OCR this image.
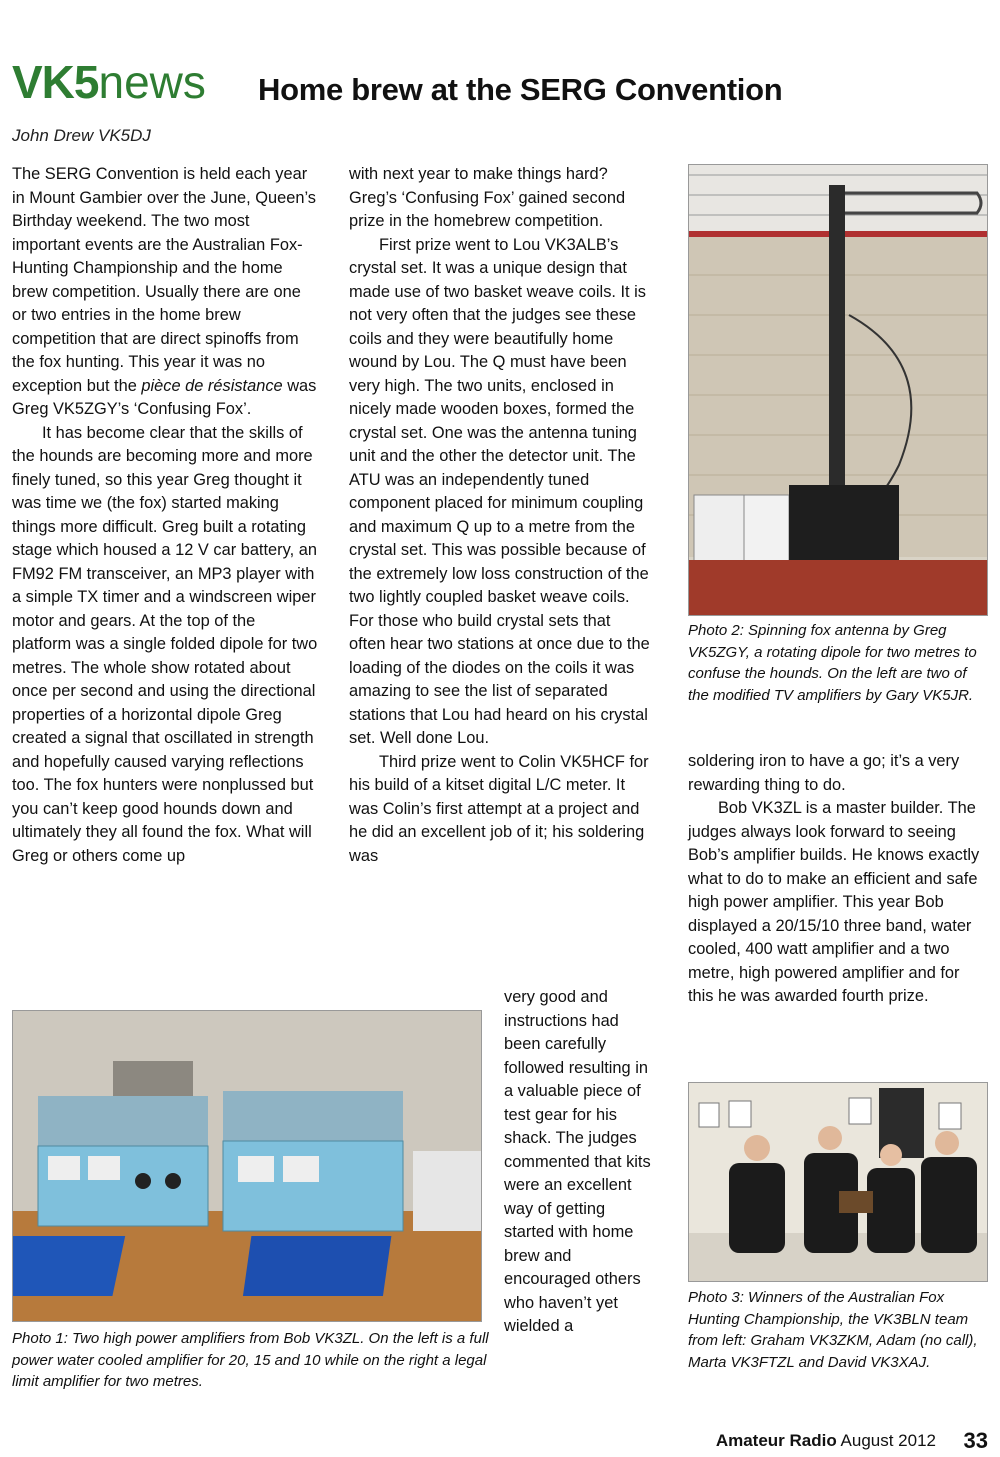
VK5news Home brew at the SERG Convention
John Drew VK5DJ

The SERG Convention is held each year in Mount Gambier over the June, Queen’s Birthday weekend. The two most important events are the Australian Fox-Hunting Championship and the home brew competition. Usually there are one or two entries in the home brew competition that are direct spinoffs from the fox hunting. This year it was no exception but the pièce de résistance was Greg VK5ZGY’s ‘Confusing Fox’.

It has become clear that the skills of the hounds are becoming more and more finely tuned, so this year Greg thought it was time we (the fox) started making things more difficult. Greg built a rotating stage which housed a 12 V car battery, an FM92 FM transceiver, an MP3 player with a simple TX timer and a windscreen wiper motor and gears. At the top of the platform was a single folded dipole for two metres. The whole show rotated about once per second and using the directional properties of a horizontal dipole Greg created a signal that oscillated in strength and hopefully caused varying reflections too. The fox hunters were nonplussed but you can’t keep good hounds down and ultimately they all found the fox. What will Greg or others come up

with next year to make things hard? Greg’s ‘Confusing Fox’ gained second prize in the homebrew competition.

First prize went to Lou VK3ALB’s crystal set. It was a unique design that made use of two basket weave coils. It is not very often that the judges see these coils and they were beautifully home wound by Lou. The Q must have been very high. The two units, enclosed in nicely made wooden boxes, formed the crystal set. One was the antenna tuning unit and the other the detector unit. The ATU was an independently tuned component placed for minimum coupling and maximum Q up to a metre from the crystal set. This was possible because of the extremely low loss construction of the two lightly coupled basket weave coils. For those who build crystal sets that often hear two stations at once due to the loading of the diodes on the coils it was amazing to see the list of separated stations that Lou had heard on his crystal set. Well done Lou.

Third prize went to Colin VK5HCF for his build of a kitset digital L/C meter. It was Colin’s first attempt at a project and he did an excellent job of it; his soldering was

very good and instructions had been carefully followed resulting in a valuable piece of test gear for his shack. The judges commented that kits were an excellent way of getting started with home brew and encouraged others who haven’t yet wielded a

Photo 2: Spinning fox antenna by Greg VK5ZGY, a rotating dipole for two metres to confuse the hounds. On the left are two of the modified TV amplifiers by Gary VK5JR.

soldering iron to have a go; it’s a very rewarding thing to do.

Bob VK3ZL is a master builder. The judges always look forward to seeing Bob’s amplifier builds. He knows exactly what to do to make an efficient and safe high power amplifier. This year Bob displayed a 20/15/10 three band, water cooled, 400 watt amplifier and a two metre, high powered amplifier and for this he was awarded fourth prize.

Photo 1: Two high power amplifiers from Bob VK3ZL. On the left is a full power water cooled amplifier for 20, 15 and 10 while on the right a legal limit amplifier for two metres.
Photo 3: Winners of the Australian Fox Hunting Championship, the VK3BLN team from left: Graham VK3ZKM, Adam (no call), Marta VK3FTZL and David VK3XAJ.
Amateur Radio August 2012 33
